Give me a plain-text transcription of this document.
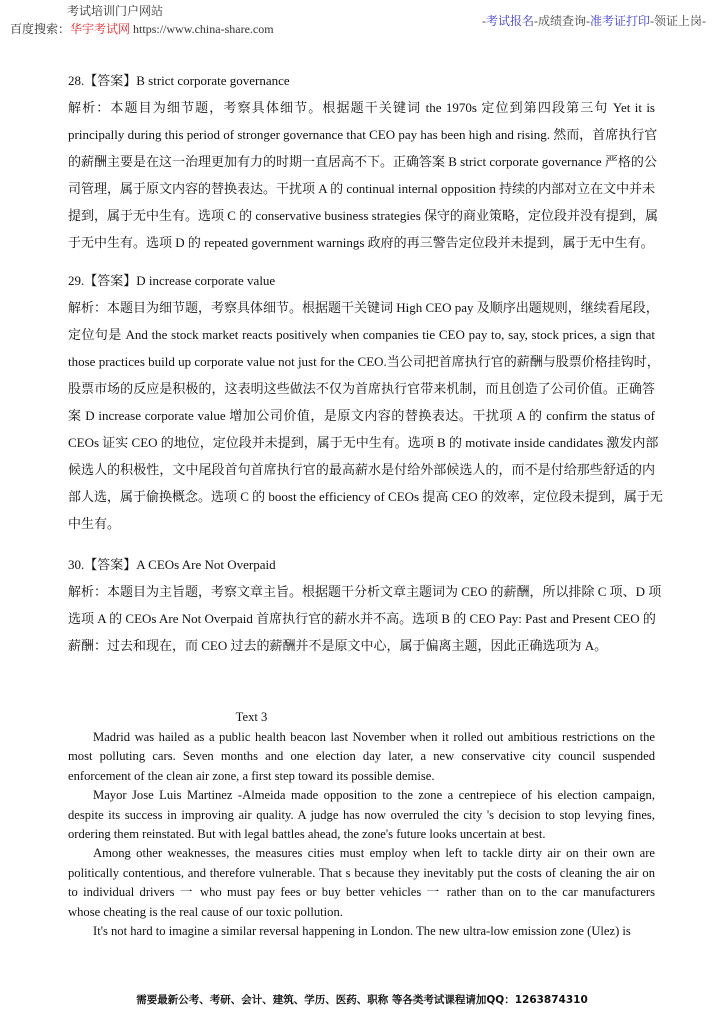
考试培训门户网站
百度搜索：华宇考试网 https://www.china-share.com
-考试报名-成绩查询-准考证打印-领证上岗-
28.【答案】B strict corporate governance
解析：本题目为细节题，考察具体细节。根据题干关键词 the 1970s 定位到第四段第三句 Yet it is
principally during this period of stronger governance that CEO pay has been high and rising. 然而，首席执行官
的薪酬主要是在这一治理更加有力的时期一直居高不下。正确答案 B strict corporate governance 严格的公
司管理，属于原文内容的替换表达。干扰项 A 的 continual internal opposition 持续的内部对立在文中并未
提到，属于无中生有。选项 C 的 conservative business strategies 保守的商业策略，定位段并没有提到，属
于无中生有。选项 D 的 repeated government warnings 政府的再三警告定位段并未提到，属于无中生有。
29.【答案】D increase corporate value
解析：本题目为细节题，考察具体细节。根据题干关键词 High CEO pay 及顺序出题规则，继续看尾段，
定位句是 And the stock market reacts positively when companies tie CEO pay to, say, stock prices, a sign that
those practices build up corporate value not just for the CEO.当公司把首席执行官的薪酬与股票价格挂钩时，
股票市场的反应是积极的，这表明这些做法不仅为首席执行官带来机制，而且创造了公司价值。正确答
案 D increase corporate value 增加公司价值，是原文内容的替换表达。干扰项 A 的 confirm the status of
CEOs 证实 CEO 的地位，定位段并未提到，属于无中生有。选项 B 的 motivate inside candidates 激发内部
候选人的积极性，文中尾段首句首席执行官的最高薪水是付给外部候选人的，而不是付给那些舒适的内
部人选，属于偷换概念。选项 C 的 boost the efficiency of CEOs 提高 CEO 的效率，定位段未提到，属于无
中生有。
30.【答案】A CEOs Are Not Overpaid
解析：本题目为主旨题，考察文章主旨。根据题干分析文章主题词为 CEO 的薪酬，所以排除 C 项、D 项
选项 A 的 CEOs Are Not Overpaid 首席执行官的薪水并不高。选项 B 的 CEO Pay: Past and Present CEO 的
薪酬：过去和现在，而 CEO 过去的薪酬并不是原文中心，属于偏离主题，因此正确选项为 A。
Text 3
Madrid was hailed as a public health beacon last November when it rolled out ambitious restrictions on the
most polluting cars. Seven months and one election day later, a new conservative city council suspended
enforcement of the clean air zone, a first step toward its possible demise.
Mayor Jose Luis Martinez -Almeida made opposition to the zone a centrepiece of his election campaign,
despite its success in improving air quality. A judge has now overruled the city 's decision to stop levying fines,
ordering them reinstated. But with legal battles ahead, the zone's future looks uncertain at best.
Among other weaknesses, the measures cities must employ when left to tackle dirty air on their own are
politically contentious, and therefore vulnerable. That s because they inevitably put the costs of cleaning the air on
to individual drivers 一 who must pay fees or buy better vehicles 一 rather than on to the car manufacturers
whose cheating is the real cause of our toxic pollution.
It's not hard to imagine a similar reversal happening in London. The new ultra-low emission zone (Ulez) is
需要最新公考、考研、会计、建筑、学历、医药、职称 等各类考试课程请加QQ：1263874310
